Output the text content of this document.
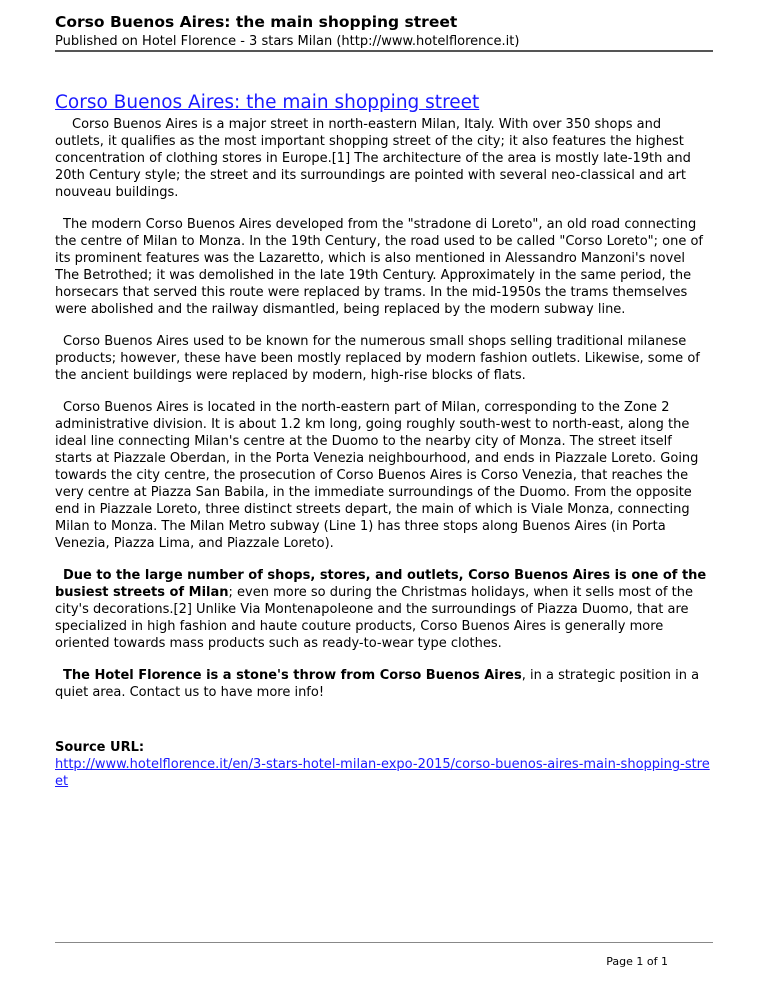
Corso Buenos Aires: the main shopping street
Published on Hotel Florence - 3 stars Milan (http://www.hotelflorence.it)
Corso Buenos Aires: the main shopping street

Corso Buenos Aires is a major street in north-eastern Milan, Italy. With over 350 shops and outlets, it qualifies as the most important shopping street of the city; it also features the highest concentration of clothing stores in Europe.[1] The architecture of the area is mostly late-19th and 20th Century style; the street and its surroundings are pointed with several neo-classical and art nouveau buildings.

The modern Corso Buenos Aires developed from the "stradone di Loreto", an old road connecting the centre of Milan to Monza. In the 19th Century, the road used to be called "Corso Loreto"; one of its prominent features was the Lazaretto, which is also mentioned in Alessandro Manzoni's novel The Betrothed; it was demolished in the late 19th Century. Approximately in the same period, the horsecars that served this route were replaced by trams. In the mid-1950s the trams themselves were abolished and the railway dismantled, being replaced by the modern subway line.

Corso Buenos Aires used to be known for the numerous small shops selling traditional milanese products; however, these have been mostly replaced by modern fashion outlets. Likewise, some of the ancient buildings were replaced by modern, high-rise blocks of flats.

Corso Buenos Aires is located in the north-eastern part of Milan, corresponding to the Zone 2 administrative division. It is about 1.2 km long, going roughly south-west to north-east, along the ideal line connecting Milan's centre at the Duomo to the nearby city of Monza. The street itself starts at Piazzale Oberdan, in the Porta Venezia neighbourhood, and ends in Piazzale Loreto. Going towards the city centre, the prosecution of Corso Buenos Aires is Corso Venezia, that reaches the very centre at Piazza San Babila, in the immediate surroundings of the Duomo. From the opposite end in Piazzale Loreto, three distinct streets depart, the main of which is Viale Monza, connecting Milan to Monza. The Milan Metro subway (Line 1) has three stops along Buenos Aires (in Porta Venezia, Piazza Lima, and Piazzale Loreto).

Due to the large number of shops, stores, and outlets, Corso Buenos Aires is one of the busiest streets of Milan; even more so during the Christmas holidays, when it sells most of the city's decorations.[2] Unlike Via Montenapoleone and the surroundings of Piazza Duomo, that are specialized in high fashion and haute couture products, Corso Buenos Aires is generally more oriented towards mass products such as ready-to-wear type clothes.

The Hotel Florence is a stone's throw from Corso Buenos Aires, in a strategic position in a quiet area. Contact us to have more info!

Source URL:
http://www.hotelflorence.it/en/3-stars-hotel-milan-expo-2015/corso-buenos-aires-main-shopping-street
Page 1 of 1
